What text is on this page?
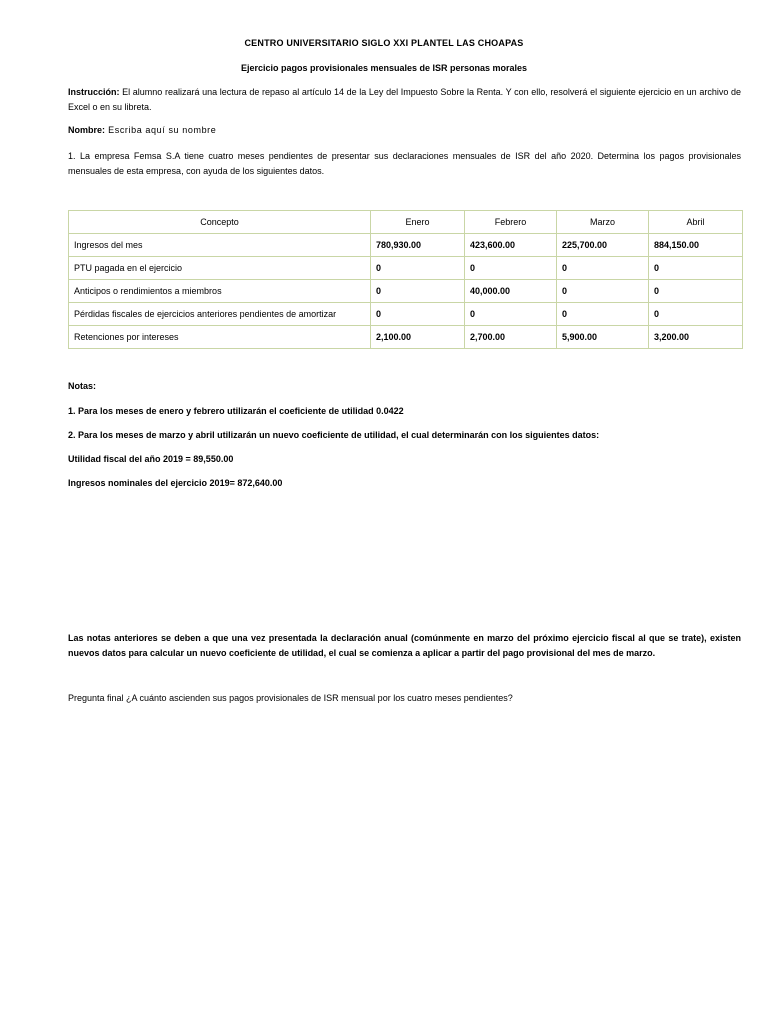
CENTRO UNIVERSITARIO SIGLO XXI PLANTEL LAS CHOAPAS
Ejercicio pagos provisionales mensuales de ISR personas morales
Instrucción: El alumno realizará una lectura de repaso al artículo 14 de la Ley del Impuesto Sobre la Renta. Y con ello, resolverá el siguiente ejercicio en un archivo de Excel o en su libreta.
Nombre: Escriba aquí su nombre
1. La empresa Femsa S.A tiene cuatro meses pendientes de presentar sus declaraciones mensuales de ISR del año 2020. Determina los pagos provisionales mensuales de esta empresa, con ayuda de los siguientes datos.
Concepto	Enero	Febrero	Marzo	Abril
Ingresos del mes	780,930.00	423,600.00	225,700.00	884,150.00
PTU pagada en el ejercicio	0	0	0	0
Anticipos o rendimientos a miembros	0	40,000.00	0	0
Pérdidas fiscales de ejercicios anteriores pendientes de amortizar	0	0	0	0
Retenciones por intereses	2,100.00	2,700.00	5,900.00	3,200.00
Notas:
1. Para los meses de enero y febrero utilizarán el coeficiente de utilidad 0.0422
2. Para los meses de marzo y abril utilizarán un nuevo coeficiente de utilidad, el cual determinarán con los siguientes datos:
Utilidad fiscal del año 2019 = 89,550.00
Ingresos nominales del ejercicio 2019= 872,640.00
Las notas anteriores se deben a que una vez presentada la declaración anual (comúnmente en marzo del próximo ejercicio fiscal al que se trate), existen nuevos datos para calcular un nuevo coeficiente de utilidad, el cual se comienza a aplicar a partir del pago provisional del mes de marzo.
Pregunta final ¿A cuánto ascienden sus pagos provisionales de ISR mensual por los cuatro meses pendientes?
